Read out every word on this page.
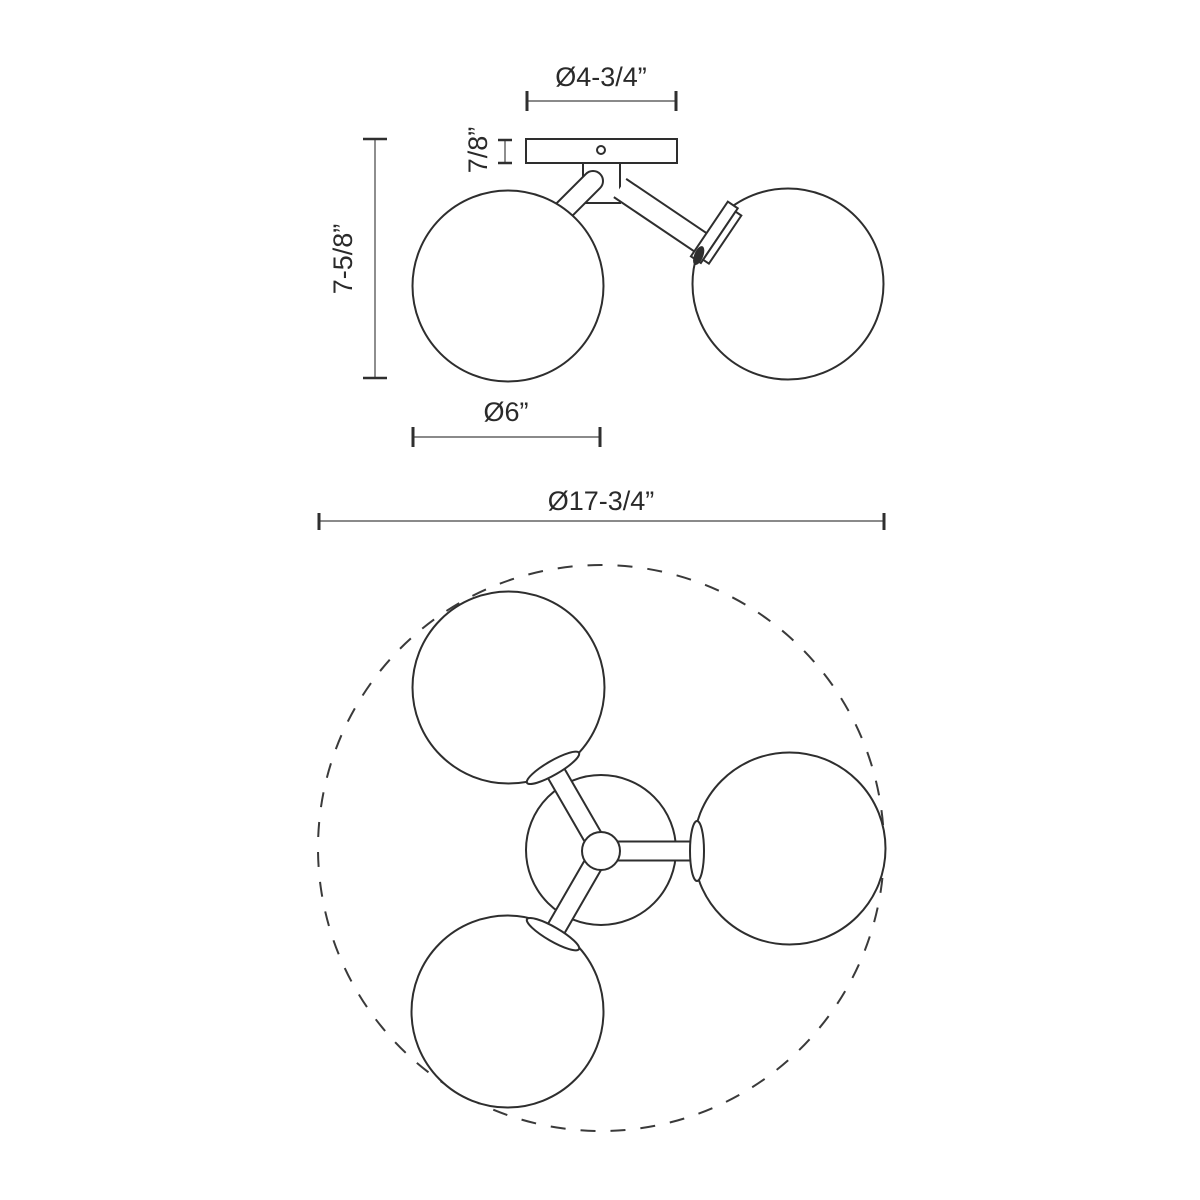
Ø4-3/4”
7-5/8”
7/8”
Ø6”
Ø17-3/4”
